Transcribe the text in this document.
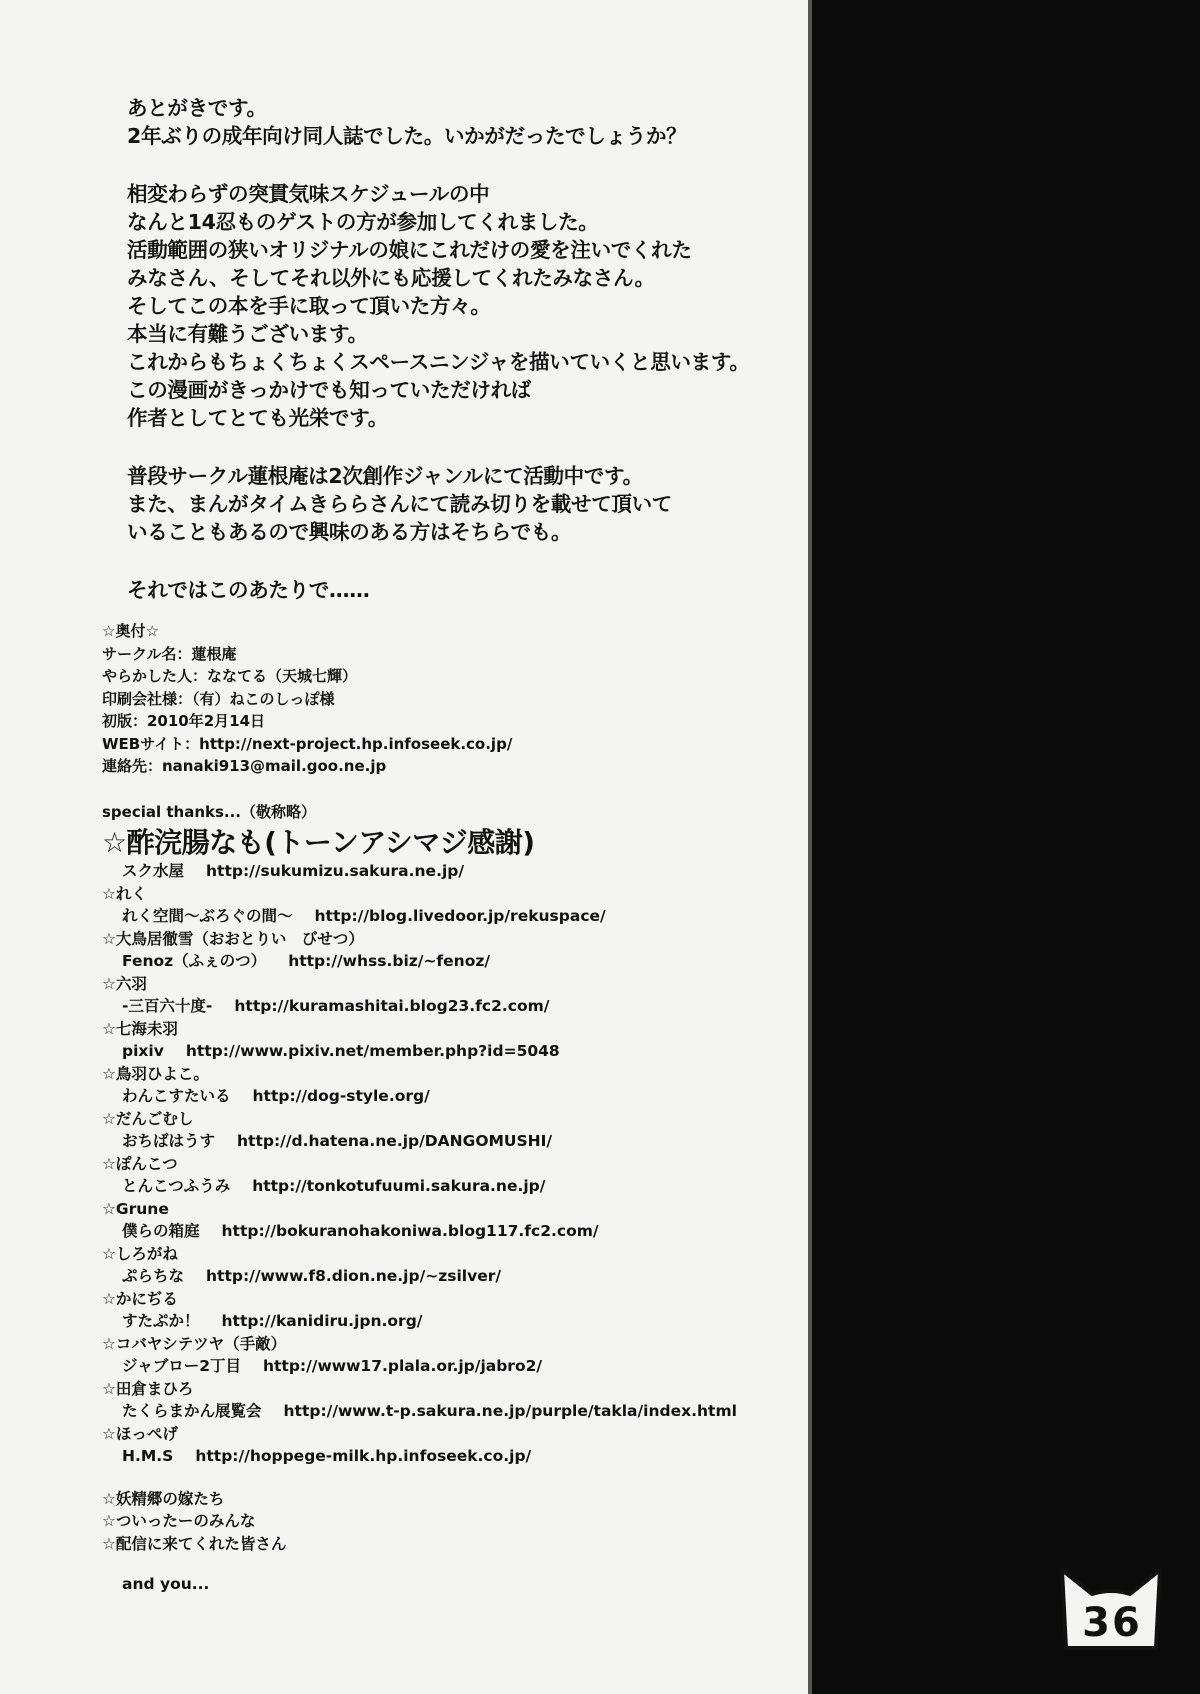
あとがきです。

2年ぶりの成年向け同人誌でした。いかがだったでしょうか？

相変わらずの突貫気味スケジュールの中

なんと14忍ものゲストの方が参加してくれました。

活動範囲の狭いオリジナルの娘にこれだけの愛を注いでくれた

みなさん、そしてそれ以外にも応援してくれたみなさん。

そしてこの本を手に取って頂いた方々。

本当に有難うございます。

これからもちょくちょくスペースニンジャを描いていくと思います。

この漫画がきっかけでも知っていただければ

作者としてとても光栄です。

普段サークル蓮根庵は2次創作ジャンルにて活動中です。

また、まんがタイムきららさんにて読み切りを載せて頂いて

いることもあるので興味のある方はそちらでも。

それではこのあたりで……

☆奥付☆

サークル名：蓮根庵

やらかした人：ななてる（天城七輝）

印刷会社様：（有）ねこのしっぽ様

初版：2010年2月14日

WEBサイト：http://next-project.hp.infoseek.co.jp/

連絡先：nanaki913@mail.goo.ne.jp

special thanks...（敬称略）

☆酢浣腸なも(トーンアシマジ感謝)

スク水屋 http://sukumizu.sakura.ne.jp/

☆れく

れく空間～ぶろぐの間～ http://blog.livedoor.jp/rekuspace/

☆大鳥居徹雪（おおとりい　びせつ）

Fenoz（ふぇのつ） http://whss.biz/~fenoz/

☆六羽

-三百六十度- http://kuramashitai.blog23.fc2.com/

☆七海未羽

pixiv http://www.pixiv.net/member.php?id=5048

☆鳥羽ひよこ。

わんこすたいる http://dog-style.org/

☆だんごむし

おちばはうす http://d.hatena.ne.jp/DANGOMUSHI/

☆ぽんこつ

とんこつふうみ http://tonkotufuumi.sakura.ne.jp/

☆Grune

僕らの箱庭 http://bokuranohakoniwa.blog117.fc2.com/

☆しろがね

ぷらちな http://www.f8.dion.ne.jp/~zsilver/

☆かにぢる

すたぷか！ http://kanidiru.jpn.org/

☆コバヤシテツヤ（手敵）

ジャブロー2丁目 http://www17.plala.or.jp/jabro2/

☆田倉まひろ

たくらまかん展覧会 http://www.t-p.sakura.ne.jp/purple/takla/index.html

☆ほっぺげ

H.M.S http://hoppege-milk.hp.infoseek.co.jp/

☆妖精郷の嫁たち

☆ついったーのみんな

☆配信に来てくれた皆さん

and you...

36
